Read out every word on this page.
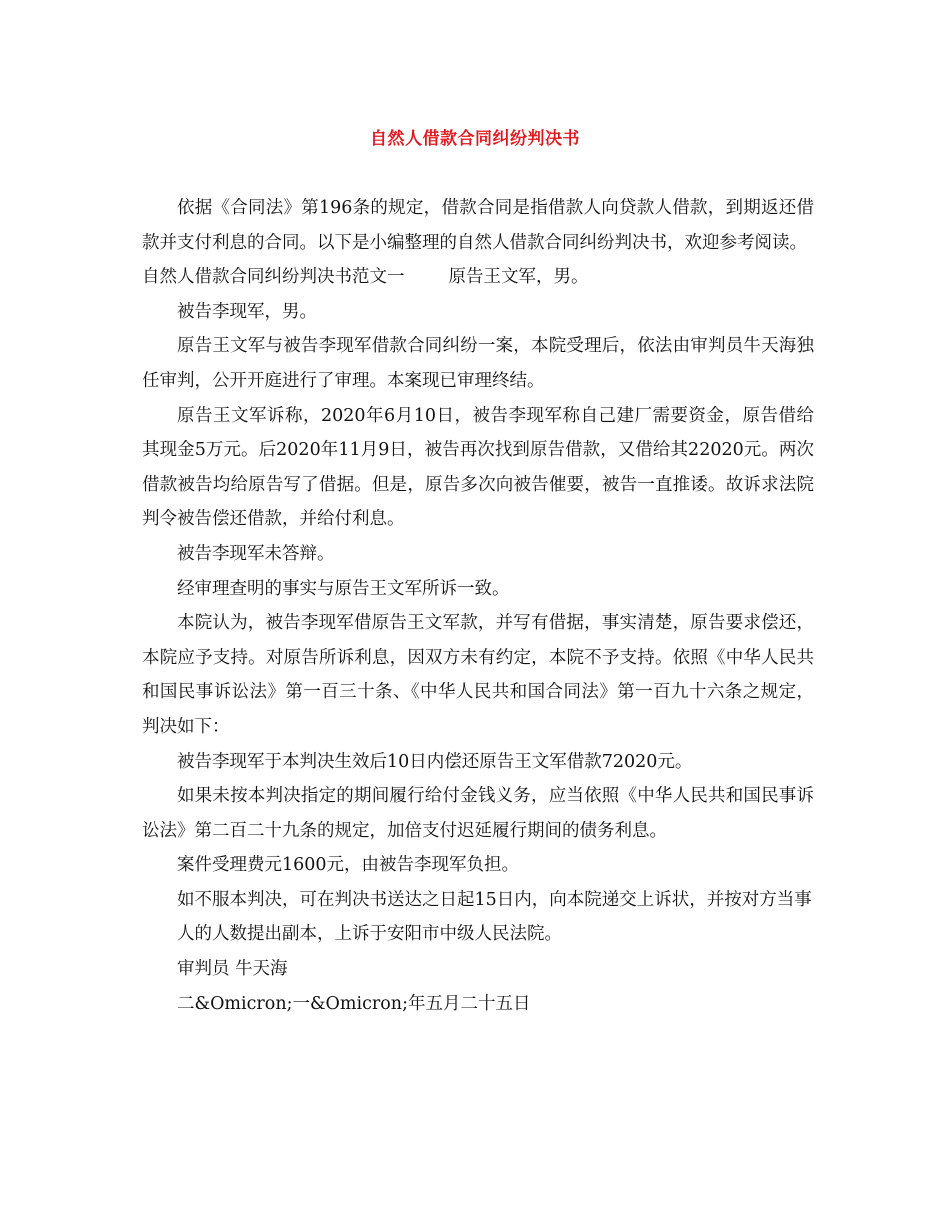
自然人借款合同纠纷判决书

依据《合同法》第196条的规定，借款合同是指借款人向贷款人借款，到期返还借款并支付利息的合同。以下是小编整理的自然人借款合同纠纷判决书，欢迎参考阅读。

自然人借款合同纠纷判决书范文一	原告王文军，男。

被告李现军，男。

原告王文军与被告李现军借款合同纠纷一案，本院受理后，依法由审判员牛天海独任审判，公开开庭进行了审理。本案现已审理终结。

原告王文军诉称，2020年6月10日，被告李现军称自己建厂需要资金，原告借给其现金5万元。后2020年11月9日，被告再次找到原告借款，又借给其22020元。两次借款被告均给原告写了借据。但是，原告多次向被告催要，被告一直推诿。故诉求法院判令被告偿还借款，并给付利息。

被告李现军未答辩。

经审理查明的事实与原告王文军所诉一致。

本院认为，被告李现军借原告王文军款，并写有借据，事实清楚，原告要求偿还，本院应予支持。对原告所诉利息，因双方未有约定，本院不予支持。依照《中华人民共和国民事诉讼法》第一百三十条、《中华人民共和国合同法》第一百九十六条之规定，判决如下：

被告李现军于本判决生效后10日内偿还原告王文军借款72020元。

如果未按本判决指定的期间履行给付金钱义务，应当依照《中华人民共和国民事诉讼法》第二百二十九条的规定，加倍支付迟延履行期间的债务利息。

案件受理费元1600元，由被告李现军负担。

如不服本判决，可在判决书送达之日起15日内，向本院递交上诉状，并按对方当事

人的人数提出副本，上诉于安阳市中级人民法院。

审判员 牛天海

二&Omicron;一&Omicron;年五月二十五日
